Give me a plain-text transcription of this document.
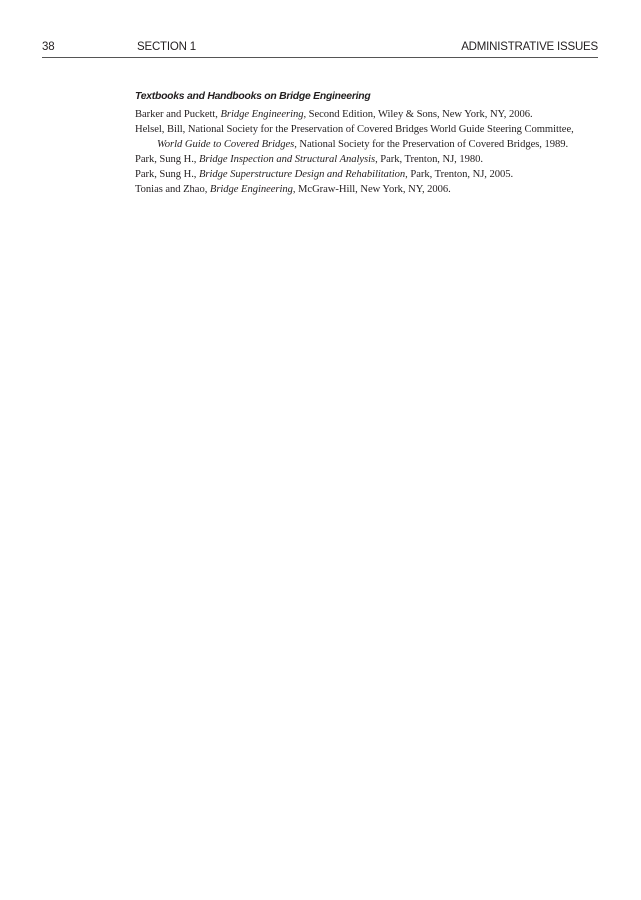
38	SECTION 1	ADMINISTRATIVE ISSUES
Textbooks and Handbooks on Bridge Engineering

Barker and Puckett, Bridge Engineering, Second Edition, Wiley & Sons, New York, NY, 2006.

Helsel, Bill, National Society for the Preservation of Covered Bridges World Guide Steering Committee, World Guide to Covered Bridges, National Society for the Preservation of Covered Bridges, 1989.

Park, Sung H., Bridge Inspection and Structural Analysis, Park, Trenton, NJ, 1980.

Park, Sung H., Bridge Superstructure Design and Rehabilitation, Park, Trenton, NJ, 2005.

Tonias and Zhao, Bridge Engineering, McGraw-Hill, New York, NY, 2006.
